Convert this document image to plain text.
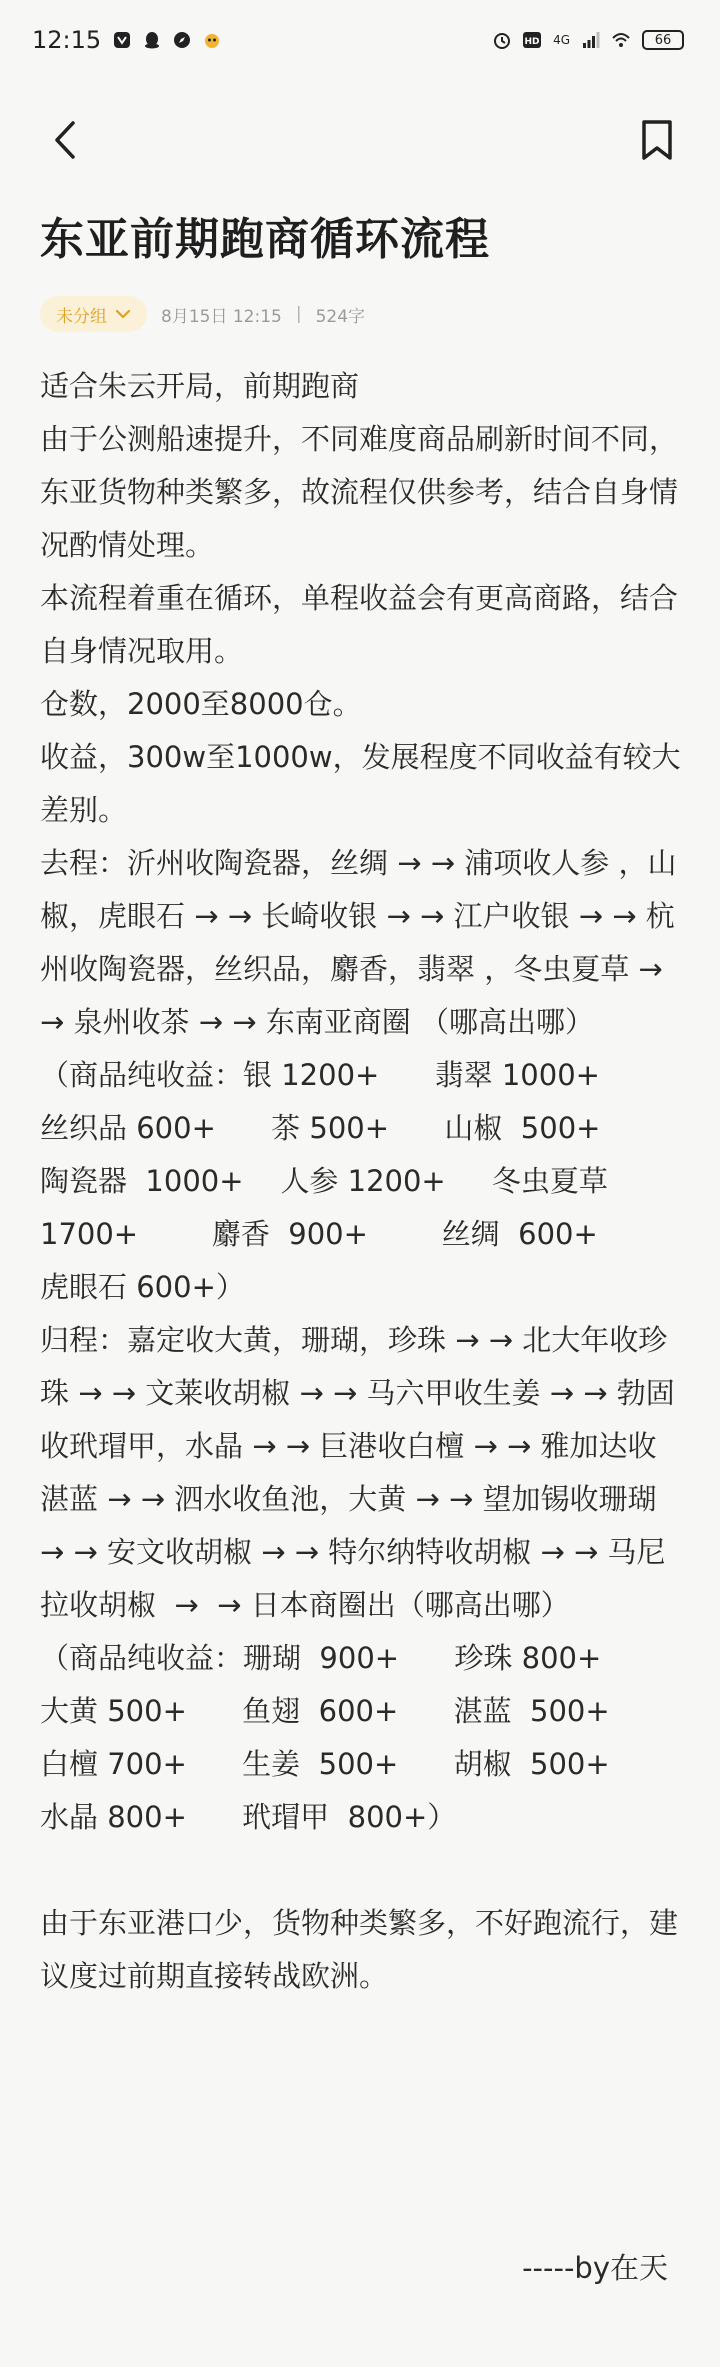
12:15	HD 4G	66
东亚前期跑商循环流程
未分组	8月15日 12:15 | 524字
适合朱云开局，前期跑商
由于公测船速提升，不同难度商品刷新时间不同，东亚货物种类繁多，故流程仅供参考，结合自身情况酌情处理。
本流程着重在循环，单程收益会有更高商路，结合自身情况取用。
仓数，2000至8000仓。
收益，300w至1000w，发展程度不同收益有较大差别。
去程：沂州收陶瓷器，丝绸 → → 浦项收人参 ，山椒，虎眼石 → → 长崎收银 → → 江户收银 → → 杭州收陶瓷器，丝织品，麝香，翡翠 ，冬虫夏草 → → 泉州收茶 → → 东南亚商圈 （哪高出哪）
（商品纯收益：银 1200+      翡翠 1000+
丝织品 600+      茶 500+      山椒  500+
陶瓷器  1000+    人参 1200+     冬虫夏草
1700+        麝香  900+        丝绸  600+
虎眼石 600+）
归程：嘉定收大黄，珊瑚，珍珠 → → 北大年收珍珠 → → 文莱收胡椒 → → 马六甲收生姜 → → 勃固收玳瑁甲，水晶 → → 巨港收白檀 → → 雅加达收湛蓝 → → 泗水收鱼池，大黄 → → 望加锡收珊瑚 → → 安文收胡椒 → → 特尔纳特收胡椒 → → 马尼拉收胡椒  →  → 日本商圈出（哪高出哪）
（商品纯收益：珊瑚  900+      珍珠 800+
大黄 500+      鱼翅  600+      湛蓝  500+
白檀 700+      生姜  500+      胡椒  500+
水晶 800+      玳瑁甲  800+）
由于东亚港口少，货物种类繁多，不好跑流行，建议度过前期直接转战欧洲。
-----by在天
